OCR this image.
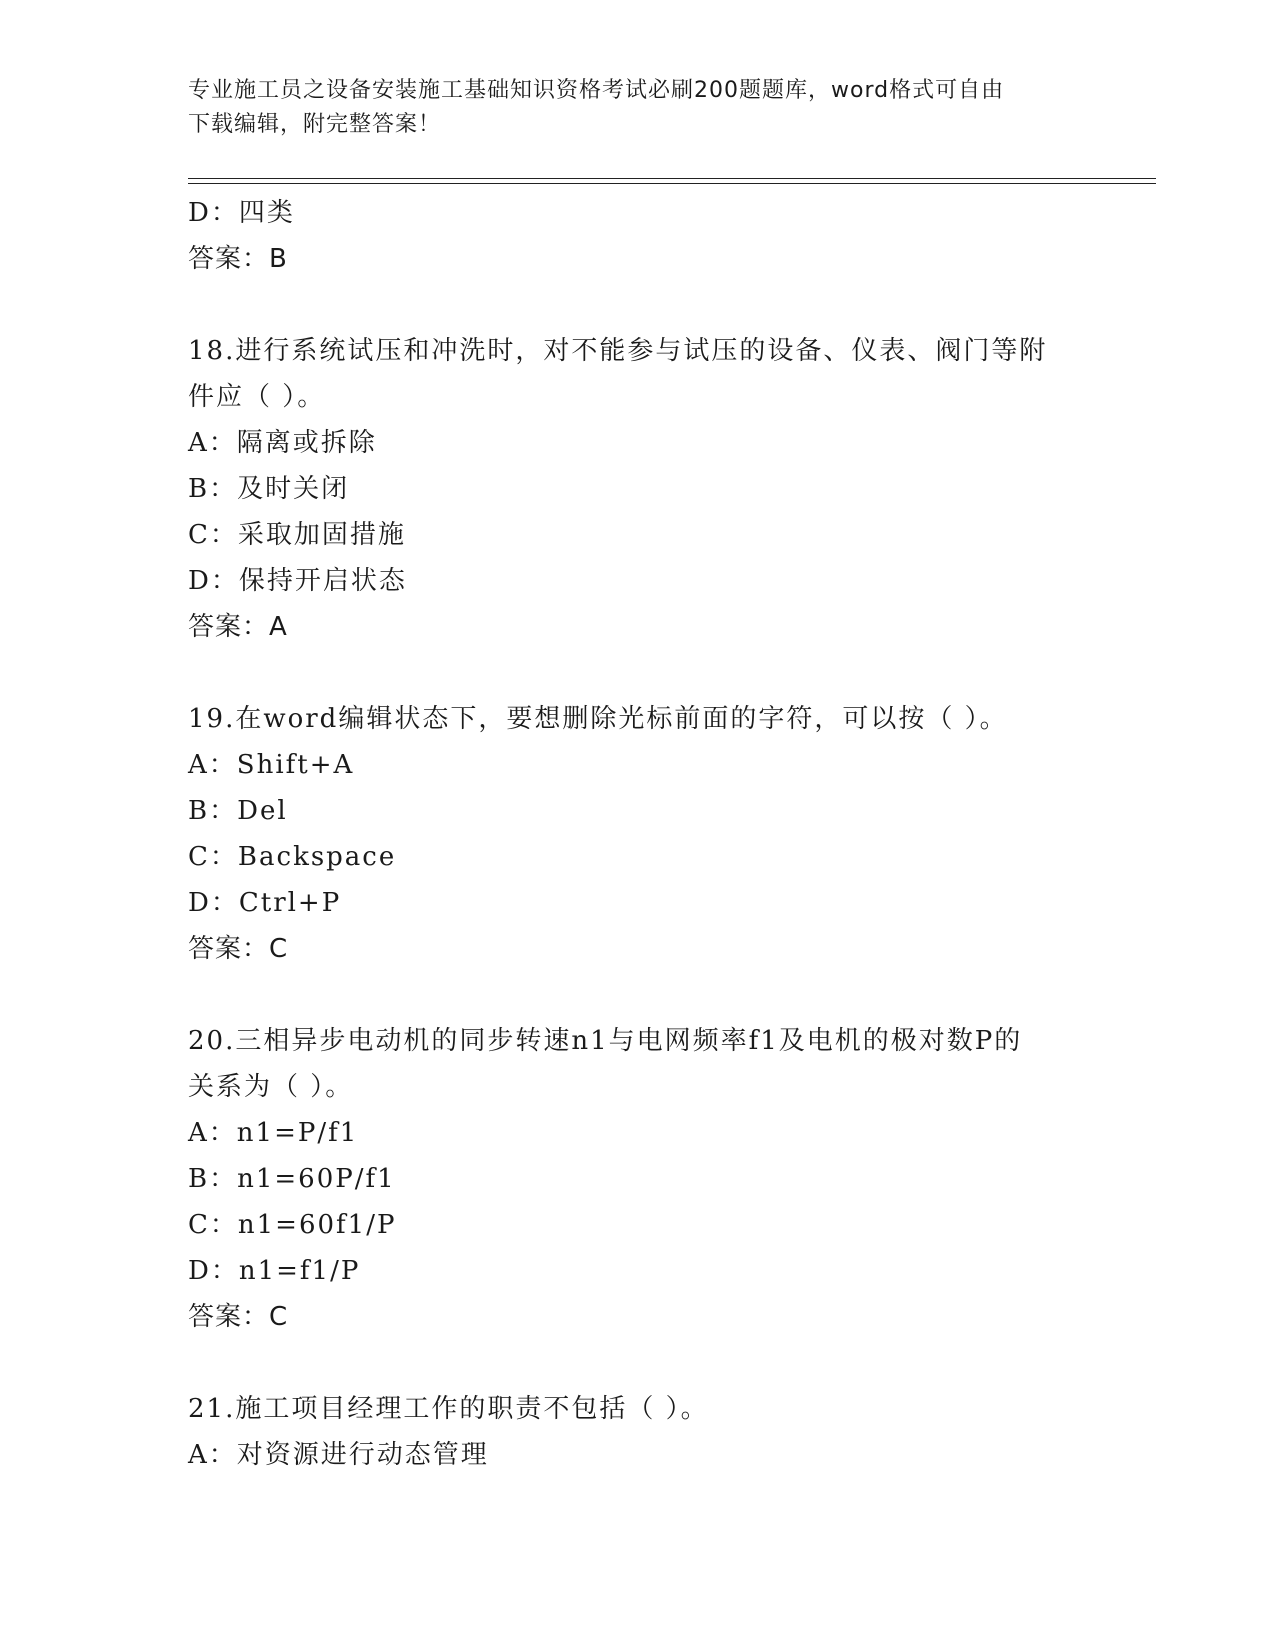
专业施工员之设备安装施工基础知识资格考试必刷200题题库，word格式可自由
下载编辑，附完整答案！
D：四类
答案：B
18.进行系统试压和冲洗时，对不能参与试压的设备、仪表、阀门等附
件应（ ）。
A：隔离或拆除
B：及时关闭
C：采取加固措施
D：保持开启状态
答案：A
19.在word编辑状态下，要想删除光标前面的字符，可以按（ ）。
A：Shift+A
B：Del
C：Backspace
D：Ctrl+P
答案：C
20.三相异步电动机的同步转速n1与电网频率f1及电机的极对数P的
关系为（ ）。
A：n1=P/f1
B：n1=60P/f1
C：n1=60f1/P
D：n1=f1/P
答案：C
21.施工项目经理工作的职责不包括（ ）。
A：对资源进行动态管理
